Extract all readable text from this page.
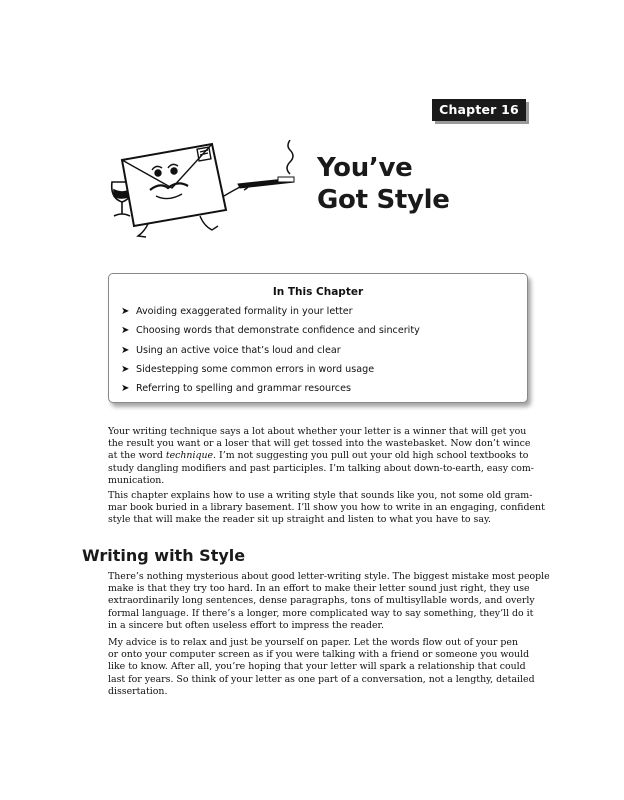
Chapter 16
You’ve
Got Style
In This Chapter
➤ Avoiding exaggerated formality in your letter
➤ Choosing words that demonstrate confidence and sincerity
➤ Using an active voice that’s loud and clear
➤ Sidestepping some common errors in word usage
➤ Referring to spelling and grammar resources

Your writing technique says a lot about whether your letter is a winner that will get you
the result you want or a loser that will get tossed into the wastebasket. Now don’t wince
at the word technique. I’m not suggesting you pull out your old high school textbooks to
study dangling modifiers and past participles. I’m talking about down-to-earth, easy com-
munication.

This chapter explains how to use a writing style that sounds like you, not some old gram-
mar book buried in a library basement. I’ll show you how to write in an engaging, confident
style that will make the reader sit up straight and listen to what you have to say.

Writing with Style

There’s nothing mysterious about good letter-writing style. The biggest mistake most people
make is that they try too hard. In an effort to make their letter sound just right, they use
extraordinarily long sentences, dense paragraphs, tons of multisyllable words, and overly
formal language. If there’s a longer, more complicated way to say something, they’ll do it
in a sincere but often useless effort to impress the reader.

My advice is to relax and just be yourself on paper. Let the words flow out of your pen
or onto your computer screen as if you were talking with a friend or someone you would
like to know. After all, you’re hoping that your letter will spark a relationship that could
last for years. So think of your letter as one part of a conversation, not a lengthy, detailed
dissertation.
